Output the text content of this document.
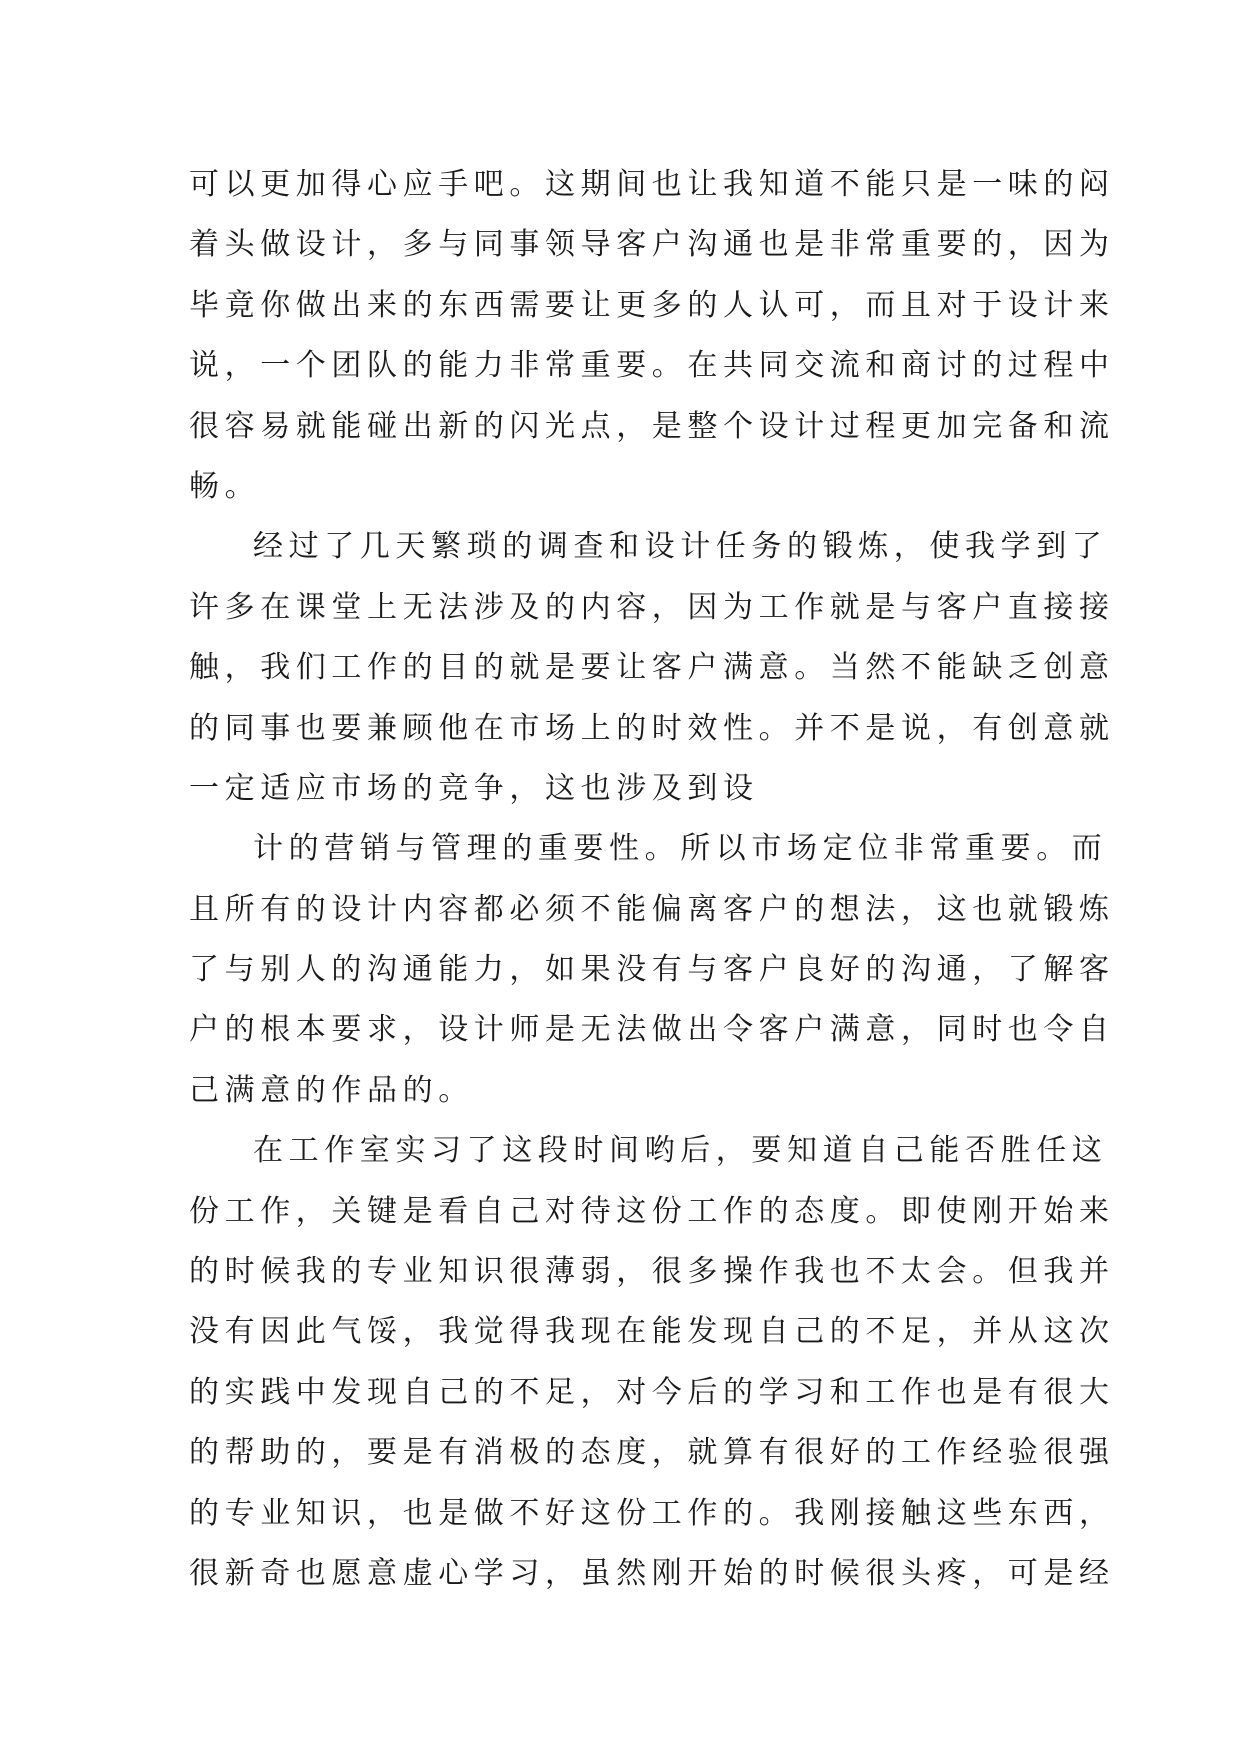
可以更加得心应手吧。这期间也让我知道不能只是一味的闷
着头做设计，多与同事领导客户沟通也是非常重要的，因为
毕竟你做出来的东西需要让更多的人认可，而且对于设计来
说，一个团队的能力非常重要。在共同交流和商讨的过程中
很容易就能碰出新的闪光点，是整个设计过程更加完备和流
畅。
经过了几天繁琐的调查和设计任务的锻炼，使我学到了
许多在课堂上无法涉及的内容，因为工作就是与客户直接接
触，我们工作的目的就是要让客户满意。当然不能缺乏创意
的同事也要兼顾他在市场上的时效性。并不是说，有创意就
一定适应市场的竞争，这也涉及到设
计的营销与管理的重要性。所以市场定位非常重要。而
且所有的设计内容都必须不能偏离客户的想法，这也就锻炼
了与别人的沟通能力，如果没有与客户良好的沟通，了解客
户的根本要求，设计师是无法做出令客户满意，同时也令自
己满意的作品的。
在工作室实习了这段时间哟后，要知道自己能否胜任这
份工作，关键是看自己对待这份工作的态度。即使刚开始来
的时候我的专业知识很薄弱，很多操作我也不太会。但我并
没有因此气馁，我觉得我现在能发现自己的不足，并从这次
的实践中发现自己的不足，对今后的学习和工作也是有很大
的帮助的，要是有消极的态度，就算有很好的工作经验很强
的专业知识，也是做不好这份工作的。我刚接触这些东西，
很新奇也愿意虚心学习，虽然刚开始的时候很头疼，可是经
